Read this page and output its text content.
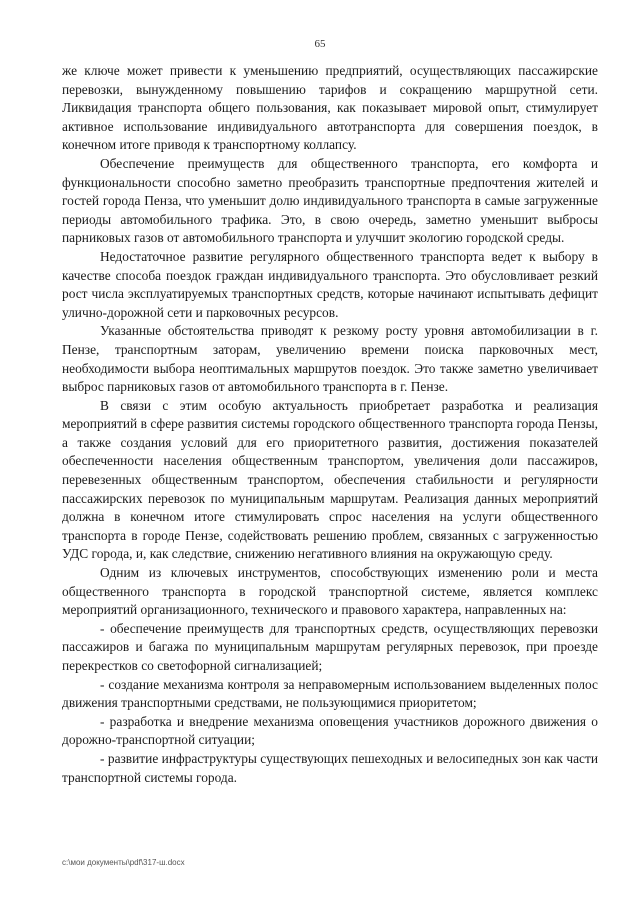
65

же ключе может привести к уменьшению предприятий, осуществляющих пассажирские перевозки, вынужденному повышению тарифов и сокращению маршрутной сети. Ликвидация транспорта общего пользования, как показывает мировой опыт, стимулирует активное использование индивидуального автотранспорта для совершения поездок, в конечном итоге приводя к транспортному коллапсу.

Обеспечение преимуществ для общественного транспорта, его комфорта и функциональности способно заметно преобразить транспортные предпочтения жителей и гостей города Пенза, что уменьшит долю индивидуального транспорта в самые загруженные периоды автомобильного трафика. Это, в свою очередь, заметно уменьшит выбросы парниковых газов от автомобильного транспорта и улучшит экологию городской среды.

Недостаточное развитие регулярного общественного транспорта ведет к выбору в качестве способа поездок граждан индивидуального транспорта. Это обусловливает резкий рост числа эксплуатируемых транспортных средств, которые начинают испытывать дефицит улично-дорожной сети и парковочных ресурсов.

Указанные обстоятельства приводят к резкому росту уровня автомобилизации в г. Пензе, транспортным заторам, увеличению времени поиска парковочных мест, необходимости выбора неоптимальных маршрутов поездок. Это также заметно увеличивает выброс парниковых газов от автомобильного транспорта в г. Пензе.

В связи с этим особую актуальность приобретает разработка и реализация мероприятий в сфере развития системы городского общественного транспорта города Пензы, а также создания условий для его приоритетного развития, достижения показателей обеспеченности населения общественным транспортом, увеличения доли пассажиров, перевезенных общественным транспортом, обеспечения стабильности и регулярности пассажирских перевозок по муниципальным маршрутам. Реализация данных мероприятий должна в конечном итоге стимулировать спрос населения на услуги общественного транспорта в городе Пензе, содействовать решению проблем, связанных с загруженностью УДС города, и, как следствие, снижению негативного влияния на окружающую среду.

Одним из ключевых инструментов, способствующих изменению роли и места общественного транспорта в городской транспортной системе, является комплекс мероприятий организационного, технического и правового характера, направленных на:

- обеспечение преимуществ для транспортных средств, осуществляющих перевозки пассажиров и багажа по муниципальным маршрутам регулярных перевозок, при проезде перекрестков со светофорной сигнализацией;

- создание механизма контроля за неправомерным использованием выделенных полос движения транспортными средствами, не пользующимися приоритетом;

- разработка и внедрение механизма оповещения участников дорожного движения о дорожно-транспортной ситуации;

- развитие инфраструктуры существующих пешеходных и велосипедных зон как части транспортной системы города.

c:\мои документы\pdf\317-ш.docx
